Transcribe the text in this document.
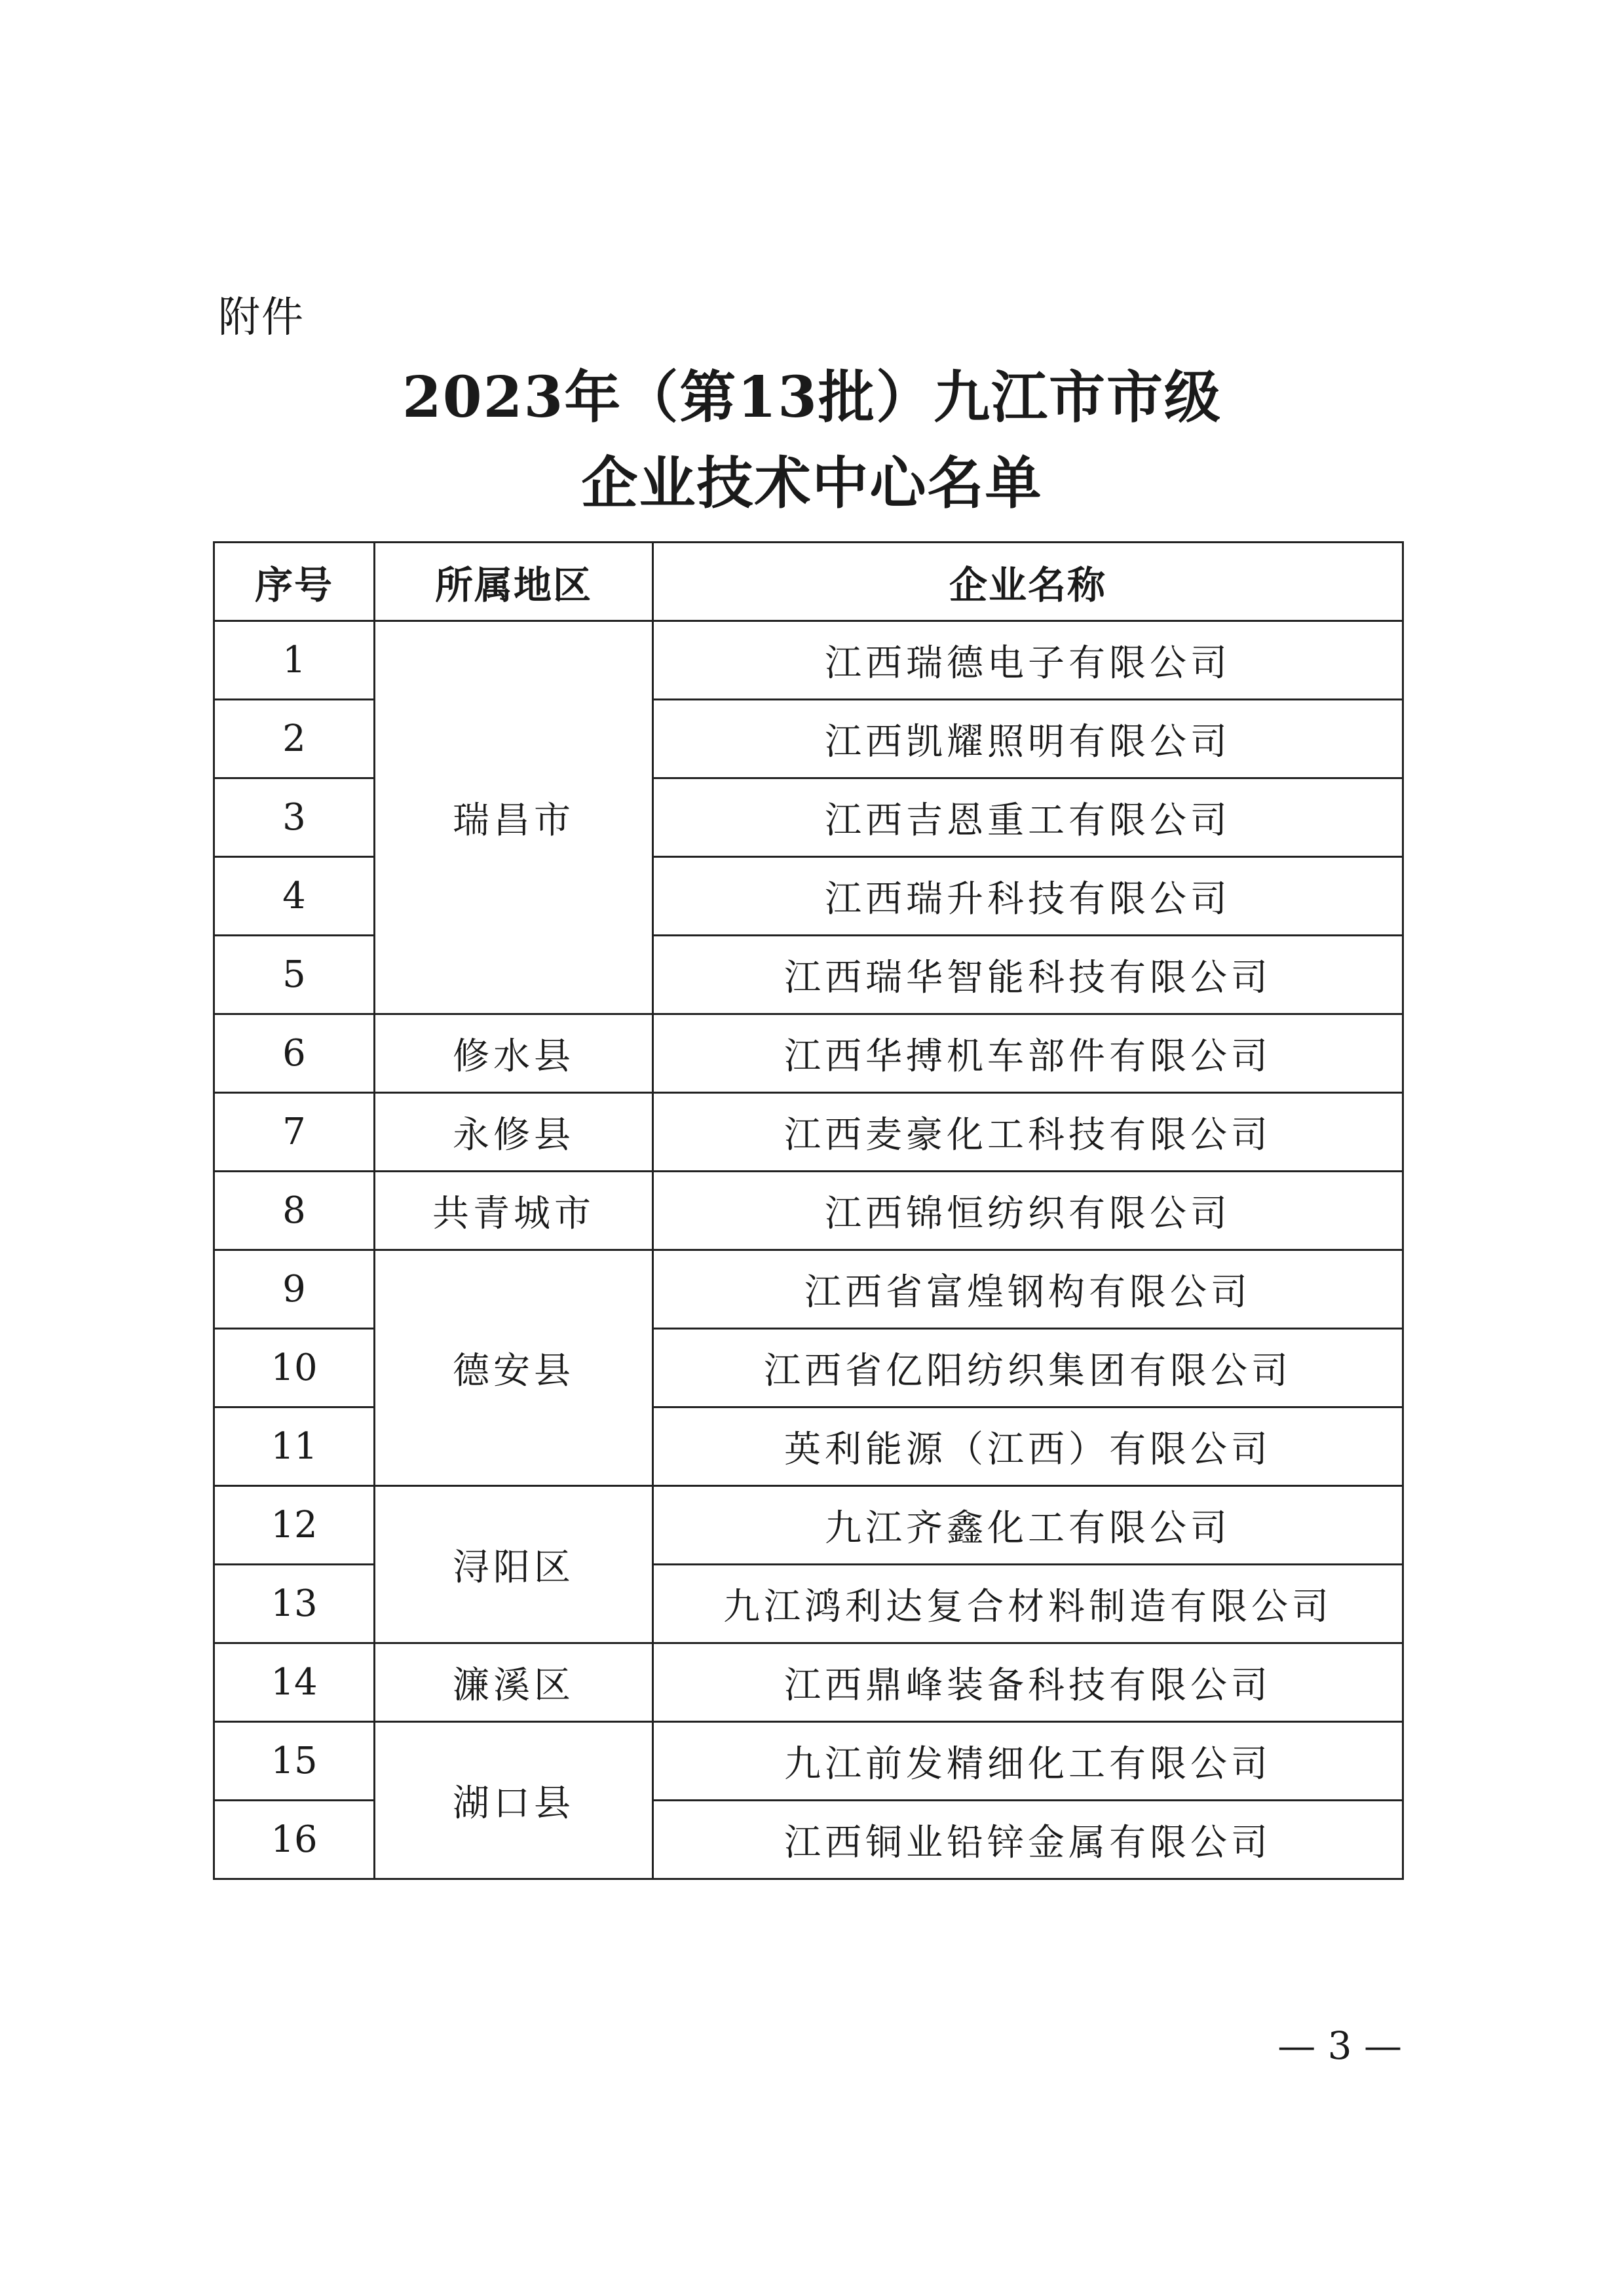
附件
2023年（第13批）九江市市级
企业技术中心名单
序号	所属地区	企业名称
1	瑞昌市	江西瑞德电子有限公司
2		江西凯耀照明有限公司
3		江西吉恩重工有限公司
4		江西瑞升科技有限公司
5		江西瑞华智能科技有限公司
6	修水县	江西华搏机车部件有限公司
7	永修县	江西麦豪化工科技有限公司
8	共青城市	江西锦恒纺织有限公司
9	德安县	江西省富煌钢构有限公司
10		江西省亿阳纺织集团有限公司
11		英利能源（江西）有限公司
12	浔阳区	九江齐鑫化工有限公司
13		九江鸿利达复合材料制造有限公司
14	濂溪区	江西鼎峰装备科技有限公司
15	湖口县	九江前发精细化工有限公司
16		江西铜业铅锌金属有限公司
— 3 —
